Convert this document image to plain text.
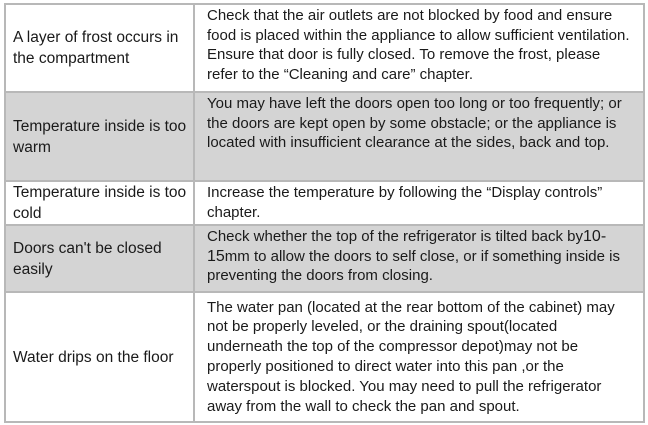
A layer of frost occurs in the compartment	Check that the air outlets are not blocked by food and ensure food is placed within the appliance to allow sufficient ventilation. Ensure that door is fully closed. To remove the frost, please refer to the “Cleaning and care” chapter.
Temperature inside is too warm	You may have left the doors open too long or too frequently; or the doors are kept open by some obstacle; or the appliance is located with insufficient clearance at the sides, back and top.
Temperature inside is too cold	Increase the temperature by following the “Display controls” chapter.
Doors can't be closed easily	Check whether the top of the refrigerator is tilted back by10-15mm to allow the doors to self close, or if something inside is preventing the doors from closing.
Water drips on the floor	The water pan (located at the rear bottom of the cabinet) may not be properly leveled, or the draining spout(located underneath the top of the compressor depot)may not be properly positioned to direct water into this pan ,or the waterspout is blocked. You may need to pull the refrigerator away from the wall to check the pan and spout.
